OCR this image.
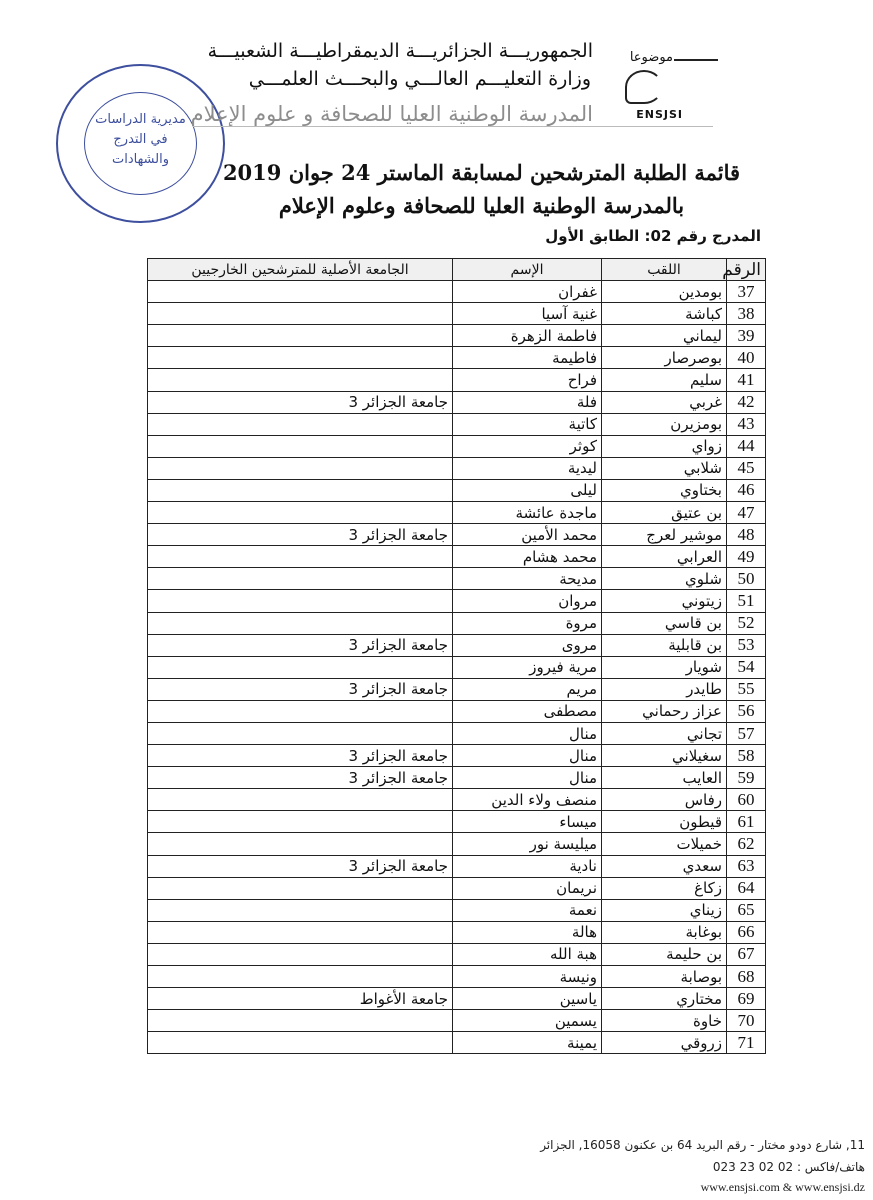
مديرية الدراسات
في التدرج
والشهادات
الجمهوريـــة الجزائريـــة الديمقراطيـــة الشعبيـــة
وزارة التعليـــم العالـــي والبحـــث العلمـــي
المدرسة الوطنية العليا للصحافة و علوم الإعلام
موضوعا
ENSJSI
قائمة الطلبة المترشحين لمسابقة الماستر 24 جوان 2019
بالمدرسة الوطنية العليا للصحافة وعلوم الإعلام
المدرج رقم 02: الطابق الأول
الرقم	اللقب	الإسم	الجامعة الأصلية للمترشحين الخارجيين
37	بومدين	غفران	
38	كباشة	غنية آسيا	
39	ليماني	فاطمة الزهرة	
40	بوصرصار	فاطيمة	
41	سليم	فراح	
42	غربي	فلة	جامعة الجزائر 3
43	بومزيرن	كاتية	
44	زواي	كوثر	
45	شلابي	ليدية	
46	بختاوي	ليلى	
47	بن عتيق	ماجدة عائشة	
48	موشير لعرج	محمد الأمين	جامعة الجزائر 3
49	العرابي	محمد هشام	
50	شلوي	مديحة	
51	زيتوني	مروان	
52	بن قاسي	مروة	
53	بن قابلية	مروى	جامعة الجزائر 3
54	شويار	مرية فيروز	
55	طايدر	مريم	جامعة الجزائر 3
56	عزاز رحماني	مصطفى	
57	تجاني	منال	
58	سغيلاني	منال	جامعة الجزائر 3
59	العايب	منال	جامعة الجزائر 3
60	رفاس	منصف ولاء الدين	
61	قيطون	ميساء	
62	خميلات	ميليسة نور	
63	سعدي	نادية	جامعة الجزائر 3
64	زكاغ	نريمان	
65	زيناي	نعمة	
66	بوغابة	هالة	
67	بن حليمة	هبة الله	
68	بوصابة	ونيسة	
69	مختاري	ياسين	جامعة الأغواط
70	خاوة	يسمين	
71	زروقي	يمينة	
11, شارع دودو مختار - رقم البريد 64 بن عكنون 16058, الجزائر
هاتف/فاكس : 02 02 23 023
www.ensjsi.com & www.ensjsi.dz
